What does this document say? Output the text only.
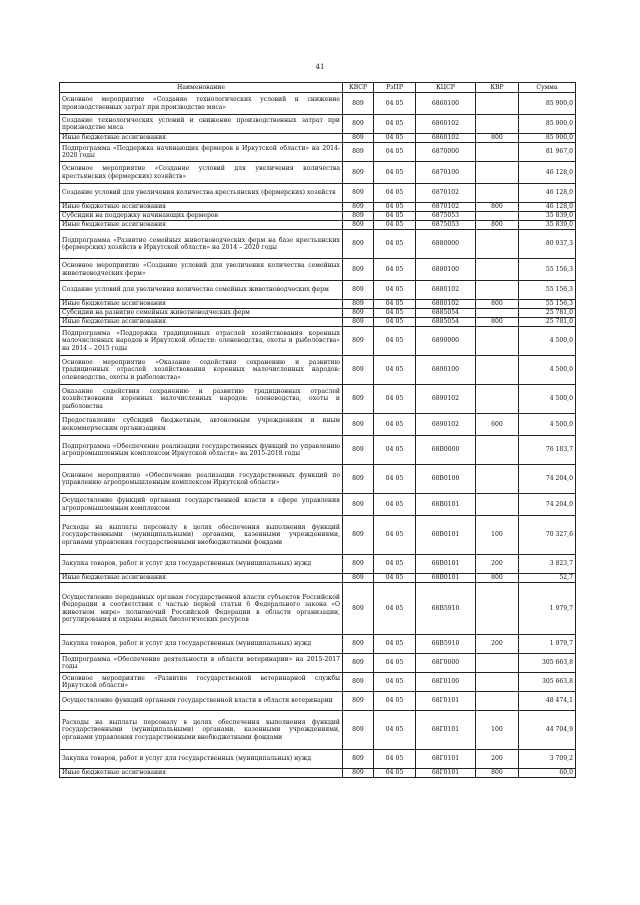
41
Наименование	КВСР	РзПР	КЦСР	КВР	Сумма
Основное мероприятие «Создание технологических условий и снижение производственных затрат при производстве мяса»	809	04 05	6860100		85 900,0
Создание технологических условий и снижение производственных затрат при производстве мяса	809	04 05	6860102		85 900,0
Иные бюджетные ассигнования	809	04 05	6860102	800	85 900,0
Подпрограмма «Поддержка начинающих фермеров в Иркутской области» на 2014-2020 годы	809	04 05	6870000		81 967,0
Основное мероприятие «Создание условий для увеличения количества крестьянских (фермерских) хозяйств»	809	04 05	6870100		46 128,0
Создание условий для увеличения количества крестьянских (фермерских) хозяйств	809	04 05	6870102		46 128,0
Иные бюджетные ассигнования	809	04 05	6870102	800	46 128,0
Субсидии на поддержку начинающих фермеров	809	04 05	6875053		35 839,0
Иные бюджетные ассигнования	809	04 05	6875053	800	35 839,0
Подпрограмма «Развитие семейных животноводческих ферм на базе крестьянских (фермерских) хозяйств в Иркутской области» на 2014 – 2020 годы	809	04 05	6880000		80 937,3
Основное мероприятие «Создание условий для увеличения количества семейных животноводческих ферм»	809	04 05	6880100		55 156,3
Создание условий для увеличения количества семейных животноводческих ферм	809	04 05	6880102		55 156,3
Иные бюджетные ассигнования	809	04 05	6880102	800	55 156,3
Субсидии на развитие семейных животноводческих ферм	809	04 05	6885054		25 781,0
Иные бюджетные ассигнования	809	04 05	6885054	800	25 781,0
Подпрограмма «Поддержка традиционных отраслей хозяйствования коренных малочисленных народов в Иркутской области: оленеводства, охоты и рыболовства» на 2014 – 2015 годы	809	04 05	6890000		4 500,0
Основное мероприятие «Оказание содействия сохранению и развитию традиционных отраслей хозяйствования коренных малочисленных народов: оленеводства, охоты и рыболовства»	809	04 05	6890100		4 500,0
Оказание содействия сохранению и развитию традиционных отраслей хозяйствования коренных малочисленных народов: оленеводства, охоты и рыболовства	809	04 05	6890102		4 500,0
Предоставление субсидий бюджетным, автономным учреждениям и иным некоммерческим организациям	809	04 05	6890102	600	4 500,0
Подпрограмма «Обеспечение реализации государственных функций по управлению агропромышленным комплексом Иркутской области» на 2015-2018 годы	809	04 05	68В0000		76 183,7
Основное мероприятие «Обеспечение реализации государственных функций по управлению агропромышленным комплексом Иркутской области»	809	04 05	68В0100		74 204,0
Осуществление функций органами государственной власти в сфере управления агропромышленным комплексом	809	04 05	68В0101		74 204,0
Расходы на выплаты персоналу в целях обеспечения выполнения функций государственными (муниципальными) органами, казенными учреждениями, органами управления государственными внебюджетными фондами	809	04 05	68В0101	100	70 327,6
Закупка товаров, работ и услуг для государственных (муниципальных) нужд	809	04 05	68В0101	200	3 823,7
Иные бюджетные ассигнования	809	04 05	68В0101	800	52,7
Осуществление переданных органам государственной власти субъектов Российской Федерации в соответствии с частью первой статьи 6 Федерального закона «О животном мире» полномочий Российской Федерации в области организации, регулирования и охраны водных биологических ресурсов	809	04 05	68В5910		1 979,7
Закупка товаров, работ и услуг для государственных (муниципальных) нужд	809	04 05	68В5910	200	1 979,7
Подпрограмма «Обеспечение деятельности в области ветеринарии» на 2015-2017 годы	809	04 05	68Г0000		305 663,8
Основное мероприятие «Развитие государственной ветеринарной службы Иркутской области»	809	04 05	68Г0100		305 663,8
Осуществление функций органами государственной власти в области ветеринарии	809	04 05	68Г0101		48 474,1
Расходы на выплаты персоналу в целях обеспечения выполнения функций государственными (муниципальными) органами, казенными учреждениями, органами управления государственными внебюджетными фондами	809	04 05	68Г0101	100	44 704,9
Закупка товаров, работ и услуг для государственных (муниципальных) нужд	809	04 05	68Г0101	200	3 709,2
Иные бюджетные ассигнования	809	04 05	68Г0101	800	60,0
